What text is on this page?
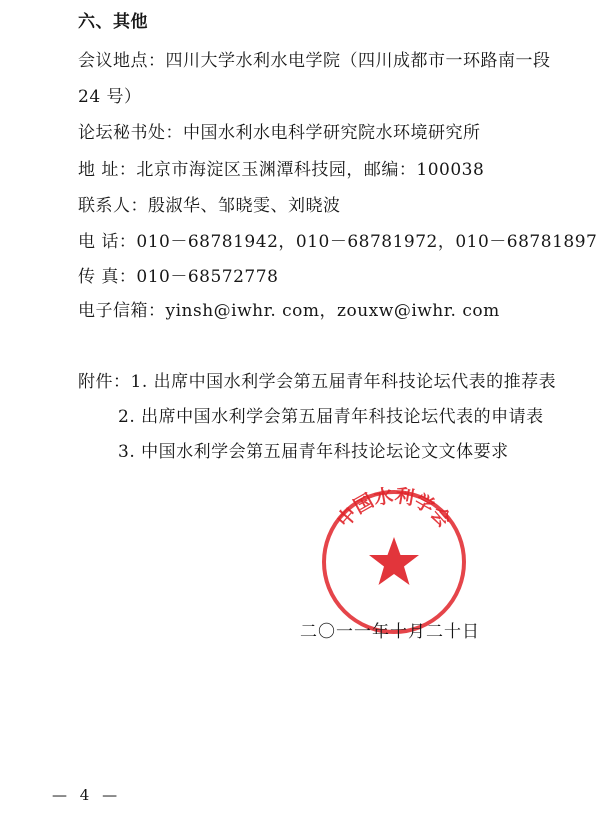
六、其他
会议地点：四川大学水利水电学院（四川成都市一环路南一段
24 号）
论坛秘书处：中国水利水电科学研究院水环境研究所
地 址：北京市海淀区玉渊潭科技园，邮编：100038
联系人：殷淑华、邹晓雯、刘晓波
电 话：010－68781942，010－68781972，010－68781897
传 真：010－68572778
电子信箱：yinsh@iwhr. com，zouxw@iwhr. com
附件：1. 出席中国水利学会第五届青年科技论坛代表的推荐表
2. 出席中国水利学会第五届青年科技论坛代表的申请表
3. 中国水利学会第五届青年科技论坛论文文体要求
中国水利学会
二〇一一年十月二十日
— 4 —
